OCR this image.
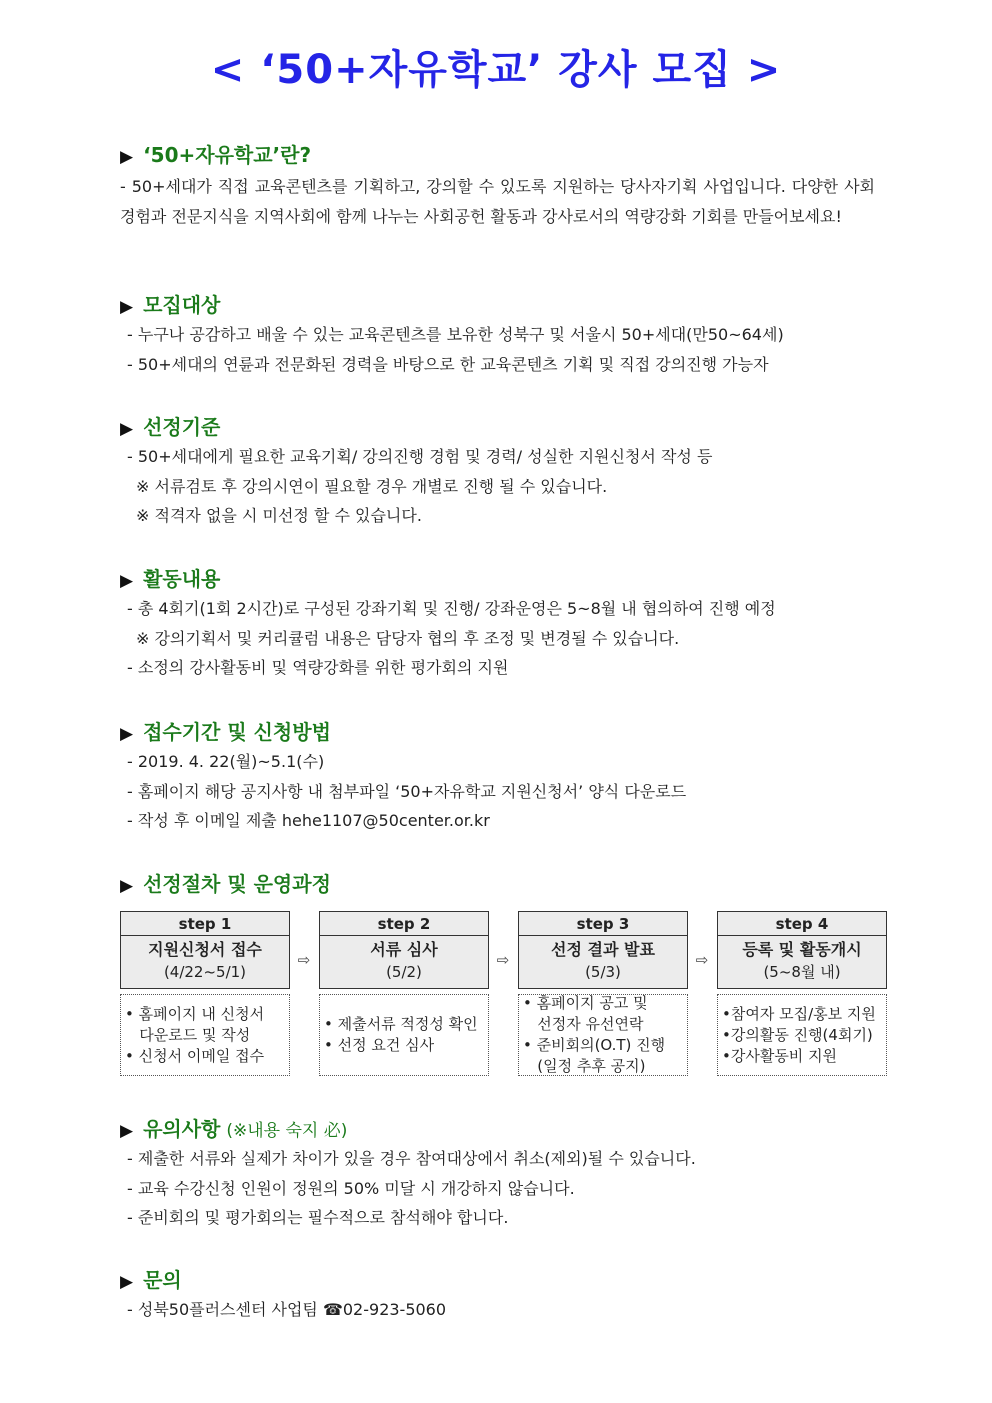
< ‘50+자유학교’ 강사 모집 >
▶ ‘50+자유학교’란?
- 50+세대가 직접 교육콘텐츠를 기획하고, 강의할 수 있도록 지원하는 당사자기획 사업입니다. 다양한 사회경험과 전문지식을 지역사회에 함께 나누는 사회공헌 활동과 강사로서의 역량강화 기회를 만들어보세요!
▶ 모집대상
- 누구나 공감하고 배울 수 있는 교육콘텐츠를 보유한 성북구 및 서울시 50+세대(만50~64세)
- 50+세대의 연륜과 전문화된 경력을 바탕으로 한 교육콘텐츠 기획 및 직접 강의진행 가능자
▶ 선정기준
- 50+세대에게 필요한 교육기획/ 강의진행 경험 및 경력/ 성실한 지원신청서 작성 등
※ 서류검토 후 강의시연이 필요할 경우 개별로 진행 될 수 있습니다.
※ 적격자 없을 시 미선정 할 수 있습니다.
▶ 활동내용
- 총 4회기(1회 2시간)로 구성된 강좌기획 및 진행/ 강좌운영은 5~8월 내 협의하여 진행 예정
※ 강의기획서 및 커리큘럼 내용은 담당자 협의 후 조정 및 변경될 수 있습니다.
- 소정의 강사활동비 및 역량강화를 위한 평가회의 지원
▶ 접수기간 및 신청방법
- 2019. 4. 22(월)~5.1(수)
- 홈페이지 해당 공지사항 내 첨부파일 ‘50+자유학교 지원신청서’ 양식 다운로드
- 작성 후 이메일 제출 hehe1107@50center.or.kr
▶ 선정절차 및 운영과정
step 1
지원신청서 접수
(4/22~5/1)
• 홈페이지 내 신청서
다운로드 및 작성
• 신청서 이메일 접수
⇨
step 2
서류 심사
(5/2)
• 제출서류 적정성 확인
• 선정 요건 심사
⇨
step 3
선정 결과 발표
(5/3)
• 홈페이지 공고 및
선정자 유선연락
• 준비회의(O.T) 진행
(일정 추후 공지)
⇨
step 4
등록 및 활동개시
(5~8월 내)
•참여자 모집/홍보 지원
•강의활동 진행(4회기)
•강사활동비 지원
▶ 유의사항 (※내용 숙지 必)
- 제출한 서류와 실제가 차이가 있을 경우 참여대상에서 취소(제외)될 수 있습니다.
- 교육 수강신청 인원이 정원의 50% 미달 시 개강하지 않습니다.
- 준비회의 및 평가회의는 필수적으로 참석해야 합니다.
▶ 문의
- 성북50플러스센터 사업팀 ☎02-923-5060
